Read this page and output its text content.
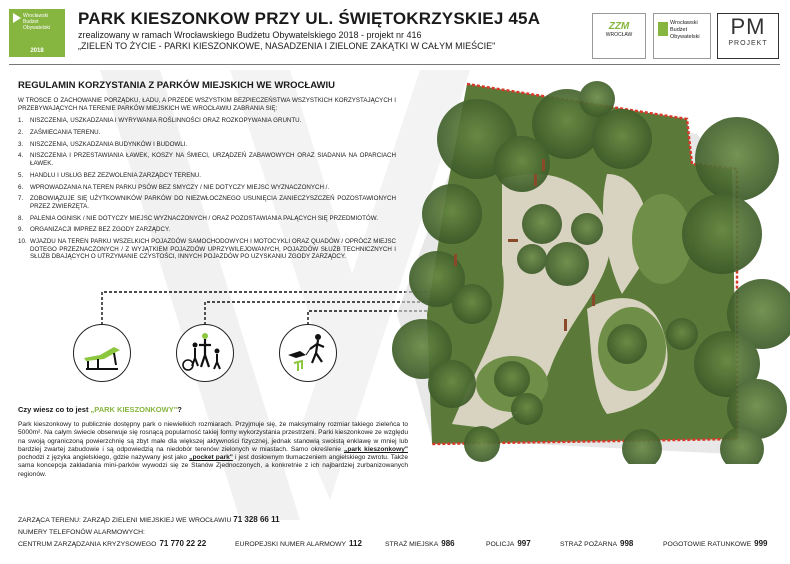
Wrocławski
Budżet
Obywatelski
2018
PARK KIESZONKOW PRZY UL. ŚWIĘTOKRZYSKIEJ 45A
zrealizowany w ramach Wrocławskiego Budżetu Obywatelskiego 2018 - projekt nr 416
„ZIELEŃ TO ŻYCIE - PARKI KIESZONKOWE, NASADZENIA I ZIELONE ZAKĄTKI W CAŁYM MIEŚCIE"
ZZM
WROCŁAW
Wrocławski
Budżet
Obywatelski	PM
PROJEKT
REGULAMIN KORZYSTANIA Z PARKÓW MIEJSKICH WE WROCŁAWIU
W TROSCE O ZACHOWANIE PORZĄDKU, ŁADU, A PRZEDE WSZYSTKIM BEZPIECZEŃSTWA WSZYSTKICH KORZYSTAJĄCYCH I PRZEBYWAJĄCYCH NA TERENIE PARKÓW MIEJSKICH WE WROCŁAWIU ZABRANIA SIĘ:
1. NISZCZENIA, USZKADZANIA I WYRYWANIA ROŚLINNOŚCI ORAZ ROZKOPYWANIA GRUNTU.
2. ZAŚMIECANIA TERENU.
3. NISZCZENIA, USZKADZANIA BUDYNKÓW I BUDOWLI.
4. NISZCZENIA I PRZESTAWIANIA ŁAWEK, KOSZY NA ŚMIECI, URZĄDZEŃ ZABAWOWYCH ORAZ SIADANIA NA OPARCIACH ŁAWEK.
5. HANDLU I USŁUG BEZ ZEZWOLENIA ZARZĄDCY TERENU.
6. WPROWADZANIA NA TEREN PARKU PSÓW BEZ SMYCZY / NIE DOTYCZY MIEJSC WYZNACZONYCH /.
7. ZOBOWIĄZUJE SIĘ UŻYTKOWNIKÓW PARKÓW DO NIEZWŁOCZNEGO USUNIĘCIA ZANIECZYSZCZEŃ POZOSTAWIONYCH PRZEZ ZWIERZĘTA.
8. PALENIA OGNISK / NIE DOTYCZY MIEJSC WYZNACZONYCH / ORAZ POZOSTAWIANIA PALĄCYCH SIĘ PRZEDMIOTÓW.
9. ORGANIZACJI IMPREZ BEZ ZGODY ZARZĄDCY.
10. WJAZDU NA TEREN PARKU WSZELKICH POJAZDÓW SAMOCHODOWYCH I MOTOCYKLI ORAZ QUADÓW / OPRÓCZ MIEJSC DOTEGO PRZEZNACZONYCH / Z WYJĄTKIEM POJAZDÓW UPRZYWILEJOWANYCH, POJAZDÓW SŁUŻB TECHNICZNYCH I SŁUŻB DBAJĄCYCH O UTRZYMANIE CZYSTOŚCI, INNYCH POJAZDÓW PO UZYSKANIU ZGODY ZARZĄDCY.
Czy wiesz co to jest „PARK KIESZONKOWY"?
Park kieszonkowy to publicznie dostępny park o niewielkich rozmiarach. Przyjmuje się, że maksymalny rozmiar takiego zieleńca to 5000m². Na całym świecie obserwuje się rosnącą popularność takiej formy wykorzystania przestrzeni. Parki kieszonkowe ze względu na swoją ograniczoną powierzchnię są zbyt małe dla większej aktywności fizycznej, jednak stanowią swoistą enklawę w mniej lub bardziej zwartej zabudowie i są odpowiedzią na niedobór terenów zielonych w miastach. Samo określenie „park kieszonkowy" pochodzi z języka angielskiego, gdzie nazywany jest jako „pocket park" i jest dosłownym tłumaczeniem angielskiego zwrotu. Także sama koncepcja zakładania mini-parków wywodzi się ze Stanów Zjednoczonych, a konkretnie z ich najbardziej zurbanizowanych regionów.
ZARZĄCA TERENU: ZARZĄD ZIELENI MIEJSKIEJ WE WROCŁAWIU 71 328 66 11
NUMERY TELEFONÓW ALARMOWYCH:
CENTRUM ZARZĄDZANIA KRYZYSOWEGO 71 770 22 22	EUROPEJSKI NUMER ALARMOWY 112	STRAŻ MIEJSKA 986	POLICJA 997	STRAŻ POŻARNA 998	POGOTOWIE RATUNKOWE 999
